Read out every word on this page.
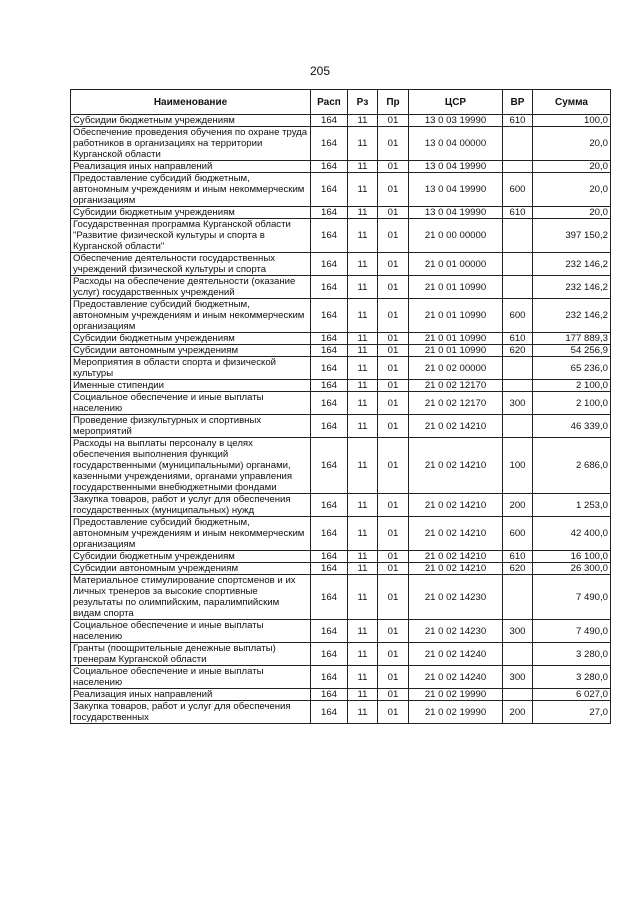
205
Наименование	Расп	Рз	Пр	ЦСР	ВР	Сумма
Субсидии бюджетным учреждениям	164	11	01	13 0 03 19990	610	100,0
Обеспечение проведения обучения по охране труда работников в организациях на территории Курганской области	164	11	01	13 0 04 00000		20,0
Реализация иных направлений	164	11	01	13 0 04 19990		20,0
Предоставление субсидий бюджетным, автономным учреждениям и иным некоммерческим организациям	164	11	01	13 0 04 19990	600	20,0
Субсидии бюджетным учреждениям	164	11	01	13 0 04 19990	610	20,0
Государственная программа Курганской области "Развитие физической культуры и спорта в Курганской области"	164	11	01	21 0 00 00000		397 150,2
Обеспечение деятельности государственных учреждений физической культуры и спорта	164	11	01	21 0 01 00000		232 146,2
Расходы на обеспечение деятельности (оказание услуг) государственных учреждений	164	11	01	21 0 01 10990		232 146,2
Предоставление субсидий бюджетным, автономным учреждениям и иным некоммерческим организациям	164	11	01	21 0 01 10990	600	232 146,2
Субсидии бюджетным учреждениям	164	11	01	21 0 01 10990	610	177 889,3
Субсидии автономным учреждениям	164	11	01	21 0 01 10990	620	54 256,9
Мероприятия в области спорта и физической культуры	164	11	01	21 0 02 00000		65 236,0
Именные стипендии	164	11	01	21 0 02 12170		2 100,0
Социальное обеспечение и иные выплаты населению	164	11	01	21 0 02 12170	300	2 100,0
Проведение физкультурных и спортивных мероприятий	164	11	01	21 0 02 14210		46 339,0
Расходы на выплаты персоналу в целях обеспечения выполнения функций государственными (муниципальными) органами, казенными учреждениями, органами управления государственными внебюджетными фондами	164	11	01	21 0 02 14210	100	2 686,0
Закупка товаров, работ и услуг для обеспечения государственных (муниципальных) нужд	164	11	01	21 0 02 14210	200	1 253,0
Предоставление субсидий бюджетным, автономным учреждениям и иным некоммерческим организациям	164	11	01	21 0 02 14210	600	42 400,0
Субсидии бюджетным учреждениям	164	11	01	21 0 02 14210	610	16 100,0
Субсидии автономным учреждениям	164	11	01	21 0 02 14210	620	26 300,0
Материальное стимулирование спортсменов и их личных тренеров за высокие спортивные результаты по олимпийским, паралимпийским видам спорта	164	11	01	21 0 02 14230		7 490,0
Социальное обеспечение и иные выплаты населению	164	11	01	21 0 02 14230	300	7 490,0
Гранты (поощрительные денежные выплаты) тренерам Курганской области	164	11	01	21 0 02 14240		3 280,0
Социальное обеспечение и иные выплаты населению	164	11	01	21 0 02 14240	300	3 280,0
Реализация иных направлений	164	11	01	21 0 02 19990		6 027,0
Закупка товаров, работ и услуг для обеспечения государственных	164	11	01	21 0 02 19990	200	27,0
